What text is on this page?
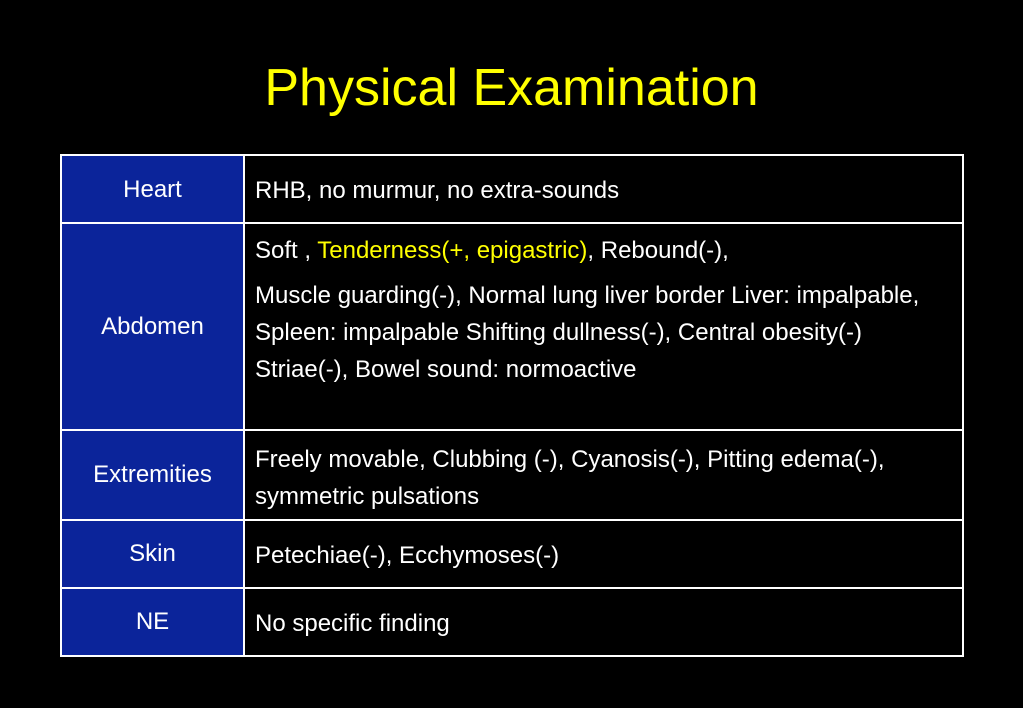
Physical Examination
Heart	RHB, no murmur, no extra-sounds
Abdomen	Soft , Tenderness(+, epigastric), Rebound(-),

Muscle guarding(-), Normal lung liver border Liver: impalpable, Spleen: impalpable Shifting dullness(-), Central obesity(-) Striae(-), Bowel sound: normoactive

Extremities	Freely movable, Clubbing (-), Cyanosis(-), Pitting edema(-), symmetric pulsations
Skin	Petechiae(-), Ecchymoses(-)
NE	No specific finding
